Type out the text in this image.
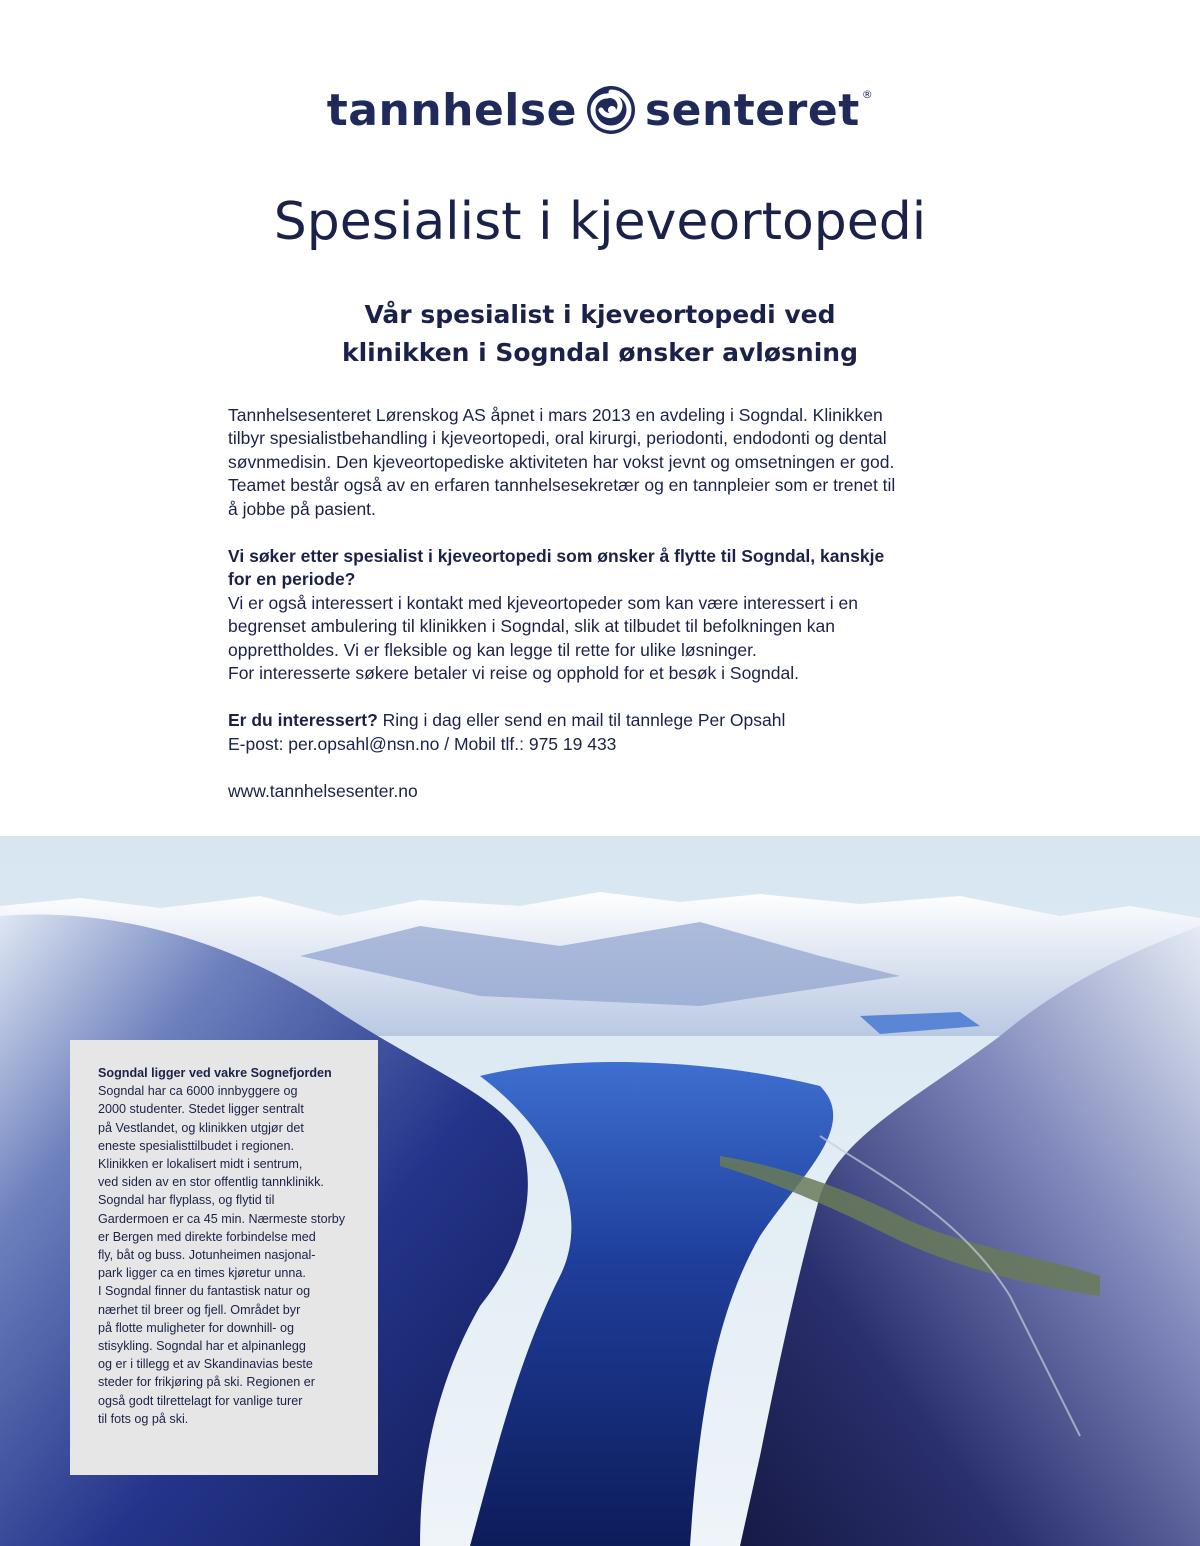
tannhelse senteret ®
Spesialist i kjeveortopedi
Vår spesialist i kjeveortopedi ved
klinikken i Sogndal ønsker avløsning

Tannhelsesenteret Lørenskog AS åpnet i mars 2013 en avdeling i Sogndal. Klinikken

tilbyr spesialistbehandling i kjeveortopedi, oral kirurgi, periodonti, endodonti og dental

søvnmedisin. Den kjeveortopediske aktiviteten har vokst jevnt og omsetningen er god.

Teamet består også av en erfaren tannhelsesekretær og en tannpleier som er trenet til

å jobbe på pasient.

Vi søker etter spesialist i kjeveortopedi som ønsker å flytte til Sogndal, kanskje

for en periode?

Vi er også interessert i kontakt med kjeveortopeder som kan være interessert i en

begrenset ambulering til klinikken i Sogndal, slik at tilbudet til befolkningen kan

opprettholdes. Vi er fleksible og kan legge til rette for ulike løsninger.

For interesserte søkere betaler vi reise og opphold for et besøk i Sogndal.

Er du interessert? Ring i dag eller send en mail til tannlege Per Opsahl

E-post: per.opsahl@nsn.no / Mobil tlf.: 975 19 433

www.tannhelsesenter.no

Sogndal ligger ved vakre Sognefjorden
Sogndal har ca 6000 innbyggere og
2000 studenter. Stedet ligger sentralt
på Vestlandet, og klinikken utgjør det
eneste spesialisttilbudet i regionen.
Klinikken er lokalisert midt i sentrum,
ved siden av en stor offentlig tannklinikk.
Sogndal har flyplass, og flytid til
Gardermoen er ca 45 min. Nærmeste storby
er Bergen med direkte forbindelse med
fly, båt og buss. Jotunheimen nasjonal-
park ligger ca en times kjøretur unna.
I Sogndal finner du fantastisk natur og
nærhet til breer og fjell. Området byr
på flotte muligheter for downhill- og
stisykling. Sogndal har et alpinanlegg
og er i tillegg et av Skandinavias beste
steder for frikjøring på ski. Regionen er
også godt tilrettelagt for vanlige turer
til fots og på ski.
